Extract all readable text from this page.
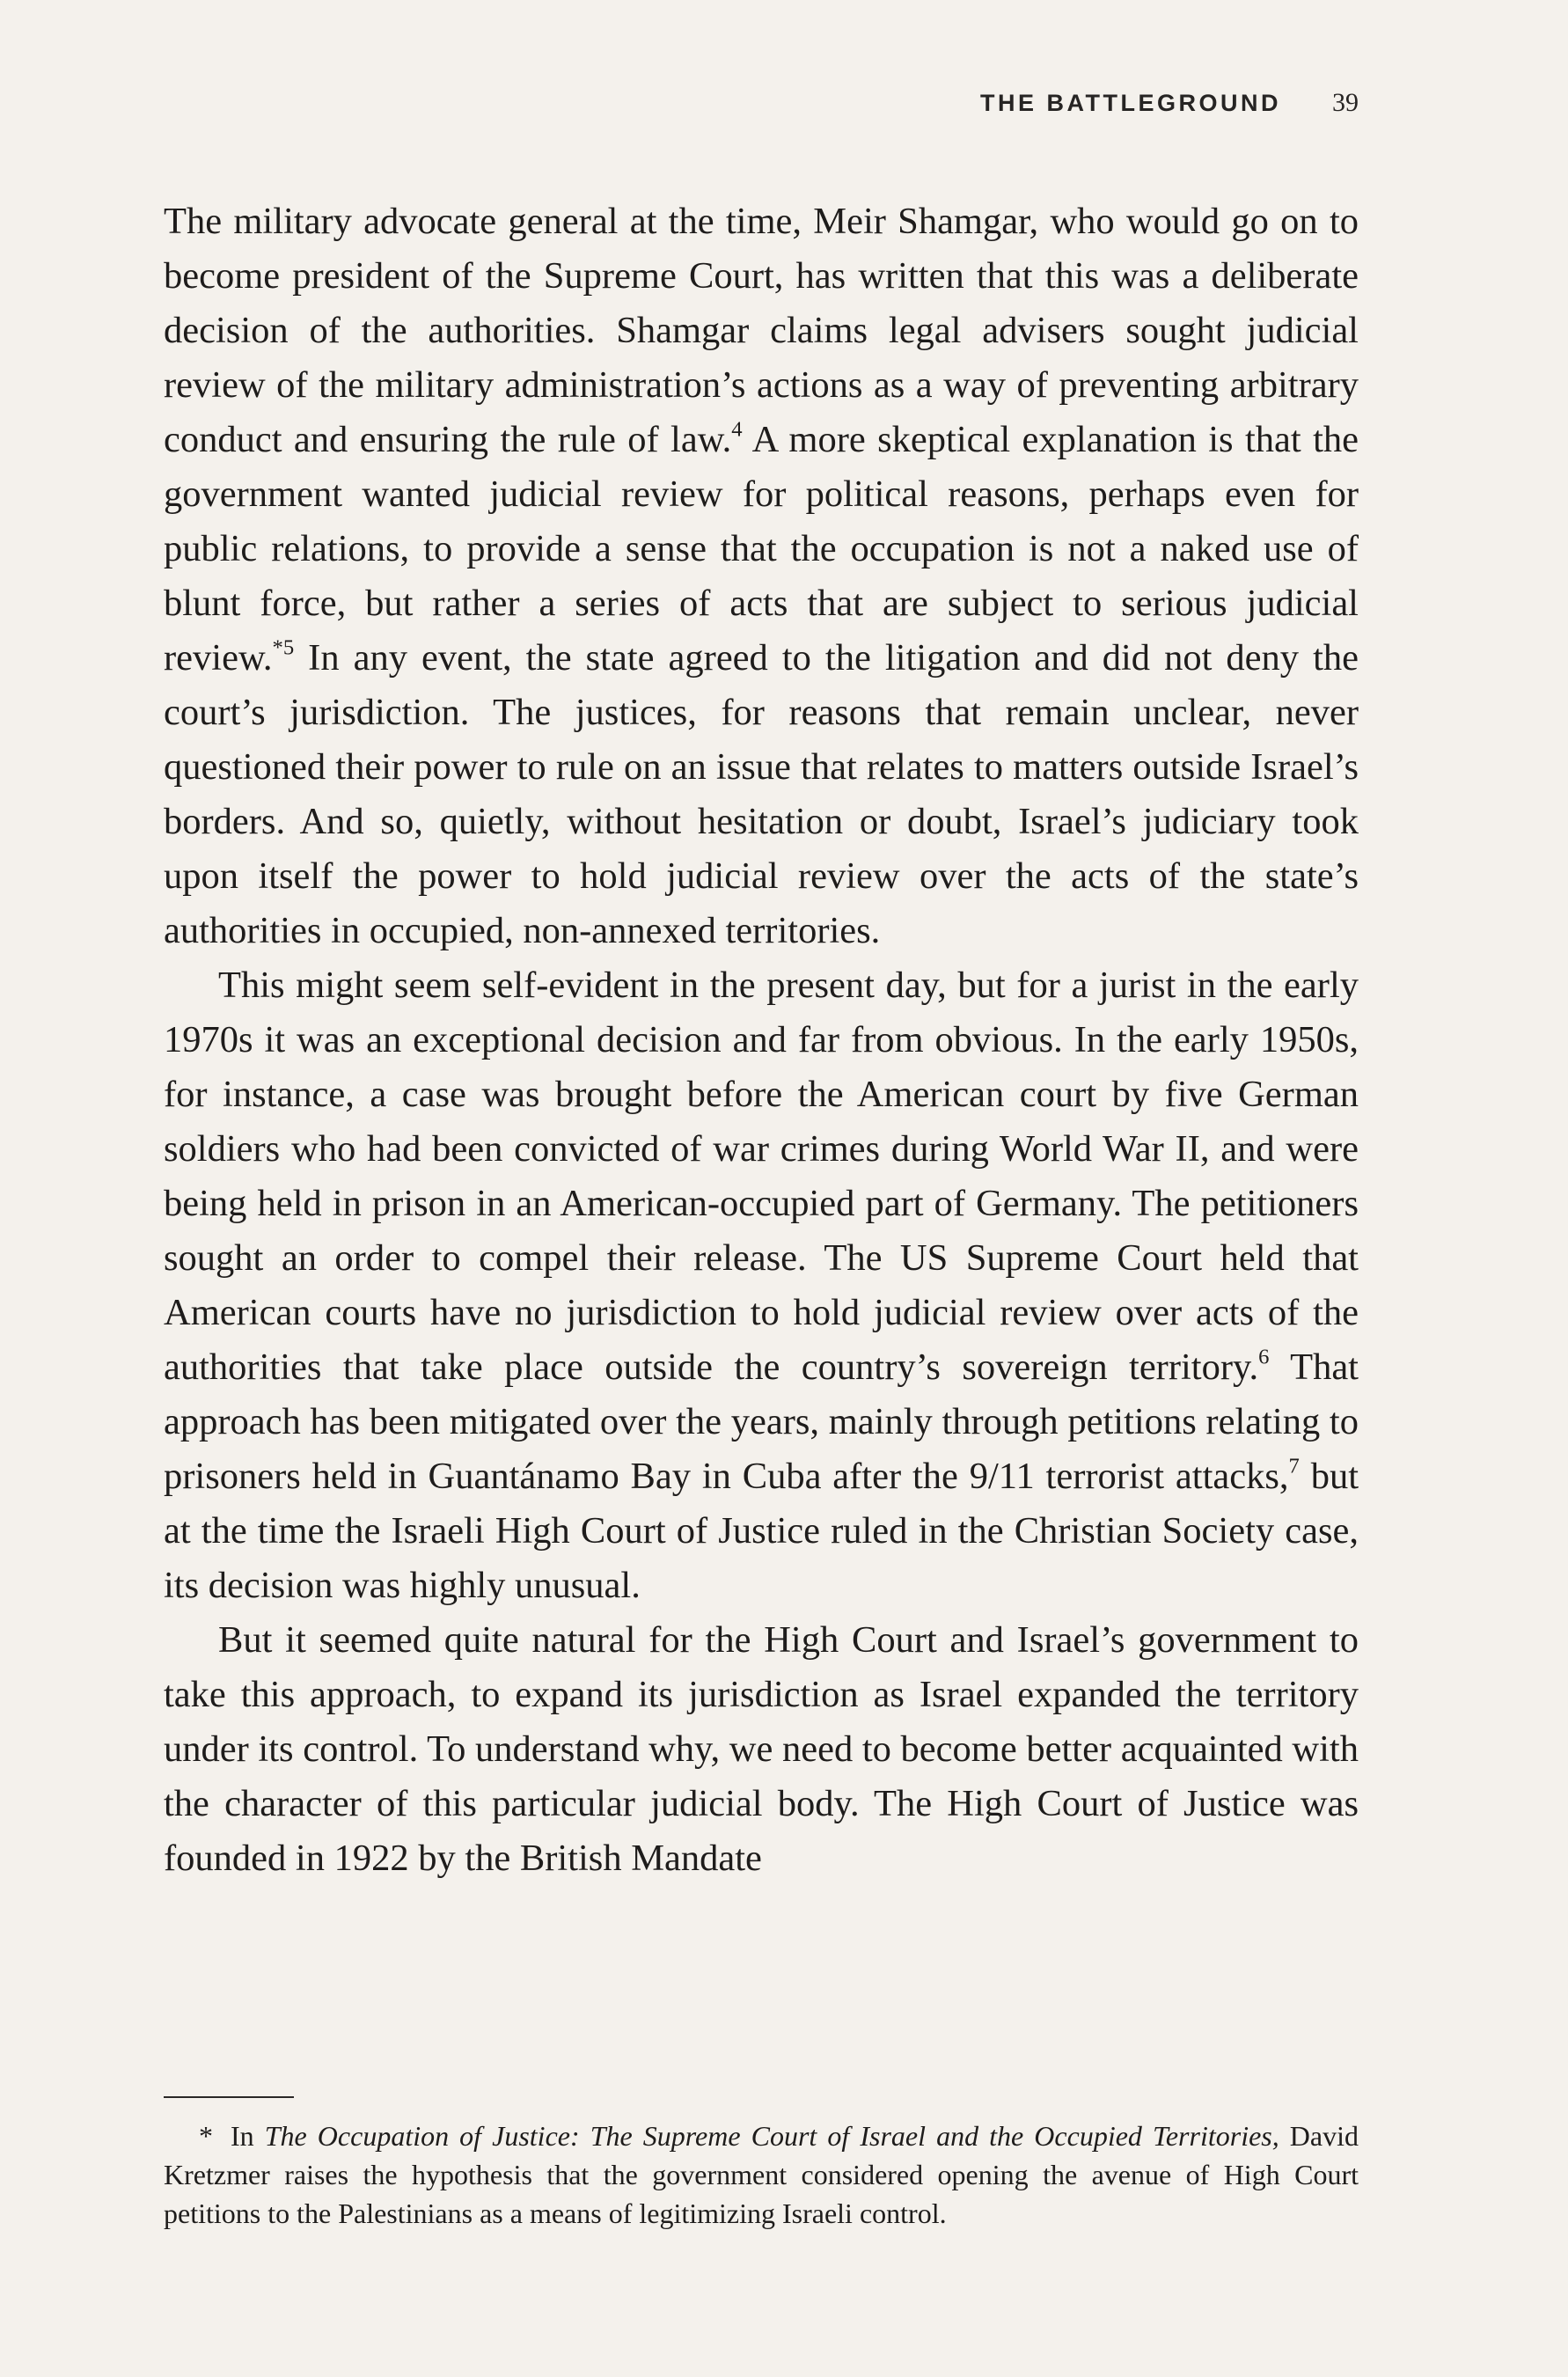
THE BATTLEGROUND 39

The military advocate general at the time, Meir Shamgar, who would go on to become president of the Supreme Court, has written that this was a deliberate decision of the authorities. Shamgar claims legal advisers sought judicial review of the military administration’s actions as a way of preventing arbitrary conduct and ensuring the rule of law.$^4$ A more skeptical explanation is that the government wanted judicial review for political reasons, perhaps even for public relations, to provide a sense that the occupation is not a naked use of blunt force, but rather a series of acts that are subject to serious judicial review.$^{*5}$ In any event, the state agreed to the litigation and did not deny the court’s jurisdiction. The justices, for reasons that remain unclear, never questioned their power to rule on an issue that relates to matters outside Israel’s borders. And so, quietly, without hesitation or doubt, Israel’s judiciary took upon itself the power to hold judicial review over the acts of the state’s authorities in occupied, non-annexed territories.

This might seem self-evident in the present day, but for a jurist in the early 1970s it was an exceptional decision and far from obvious. In the early 1950s, for instance, a case was brought before the American court by five German soldiers who had been convicted of war crimes during World War II, and were being held in prison in an American-occupied part of Germany. The petitioners sought an order to compel their release. The US Supreme Court held that American courts have no jurisdiction to hold judicial review over acts of the authorities that take place outside the country’s sovereign territory.$^6$ That approach has been mitigated over the years, mainly through petitions relating to prisoners held in Guantánamo Bay in Cuba after the 9/11 terrorist attacks,$^7$ but at the time the Israeli High Court of Justice ruled in the Christian Society case, its decision was highly unusual.

But it seemed quite natural for the High Court and Israel’s government to take this approach, to expand its jurisdiction as Israel expanded the territory under its control. To understand why, we need to become better acquainted with the character of this particular judicial body. The High Court of Justice was founded in 1922 by the British Mandate

* In The Occupation of Justice: The Supreme Court of Israel and the Occupied Territories, David Kretzmer raises the hypothesis that the government considered opening the avenue of High Court petitions to the Palestinians as a means of legitimizing Israeli control.
